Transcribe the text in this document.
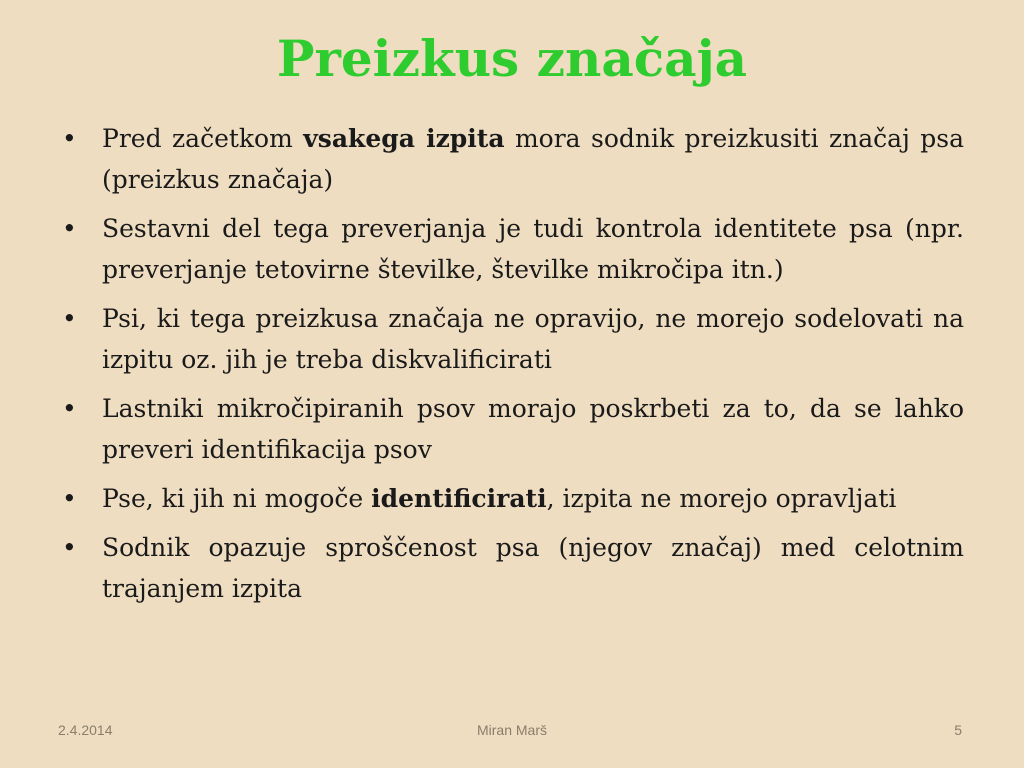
Preizkus značaja
• Pred začetkom vsakega izpita mora sodnik preizkusiti značaj psa (preizkus značaja)
• Sestavni del tega preverjanja je tudi kontrola identitete psa (npr. preverjanje tetovirne številke, številke mikročipa itn.)
• Psi, ki tega preizkusa značaja ne opravijo, ne morejo sodelovati na izpitu oz. jih je treba diskvalificirati
• Lastniki mikročipiranih psov morajo poskrbeti za to, da se lahko preveri identifikacija psov
• Pse, ki jih ni mogoče identificirati, izpita ne morejo opravljati
• Sodnik opazuje sproščenost psa (njegov značaj) med celotnim trajanjem izpita
2.4.2014	Miran Marš	5
